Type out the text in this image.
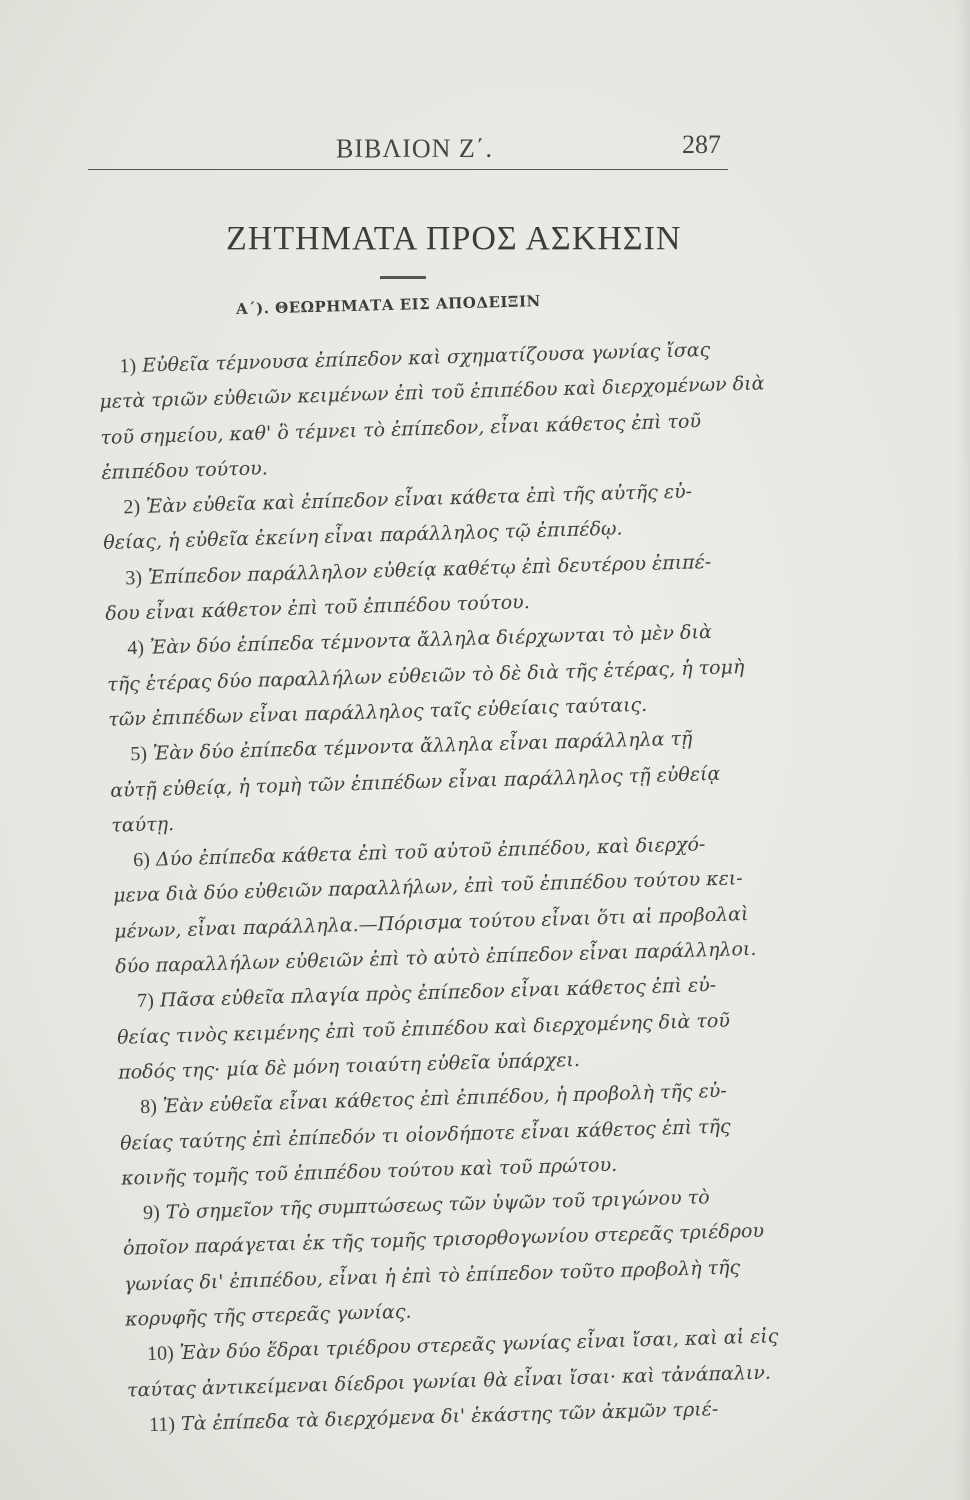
ΒΙΒΛΙΟΝ Ζ΄.	287
ΖΗΤΗΜΑΤΑ ΠΡΟΣ ΑΣΚΗΣΙΝ
Α΄). ΘΕΩΡΗΜΑΤΑ ΕΙΣ ΑΠΟΔΕΙΞΙΝ
1) Εὐθεῖα τέμνουσα ἐπίπεδον καὶ σχηματίζουσα γωνίας ἴσας
μετὰ τριῶν εὐθειῶν κειμένων ἐπὶ τοῦ ἐπιπέδου καὶ διερχομένων διὰ
τοῦ σημείου, καθ' ὃ τέμνει τὸ ἐπίπεδον, εἶναι κάθετος ἐπὶ τοῦ
ἐπιπέδου τούτου.
2) Ἐὰν εὐθεῖα καὶ ἐπίπεδον εἶναι κάθετα ἐπὶ τῆς αὐτῆς εὐ-
θείας, ἡ εὐθεῖα ἐκείνη εἶναι παράλληλος τῷ ἐπιπέδῳ.
3) Ἐπίπεδον παράλληλον εὐθείᾳ καθέτῳ ἐπὶ δευτέρου ἐπιπέ-
δου εἶναι κάθετον ἐπὶ τοῦ ἐπιπέδου τούτου.
4) Ἐὰν δύο ἐπίπεδα τέμνοντα ἄλληλα διέρχωνται τὸ μὲν διὰ
τῆς ἑτέρας δύο παραλλήλων εὐθειῶν τὸ δὲ διὰ τῆς ἑτέρας, ἡ τομὴ
τῶν ἐπιπέδων εἶναι παράλληλος ταῖς εὐθείαις ταύταις.
5) Ἐὰν δύο ἐπίπεδα τέμνοντα ἄλληλα εἶναι παράλληλα τῇ
αὐτῇ εὐθείᾳ, ἡ τομὴ τῶν ἐπιπέδων εἶναι παράλληλος τῇ εὐθείᾳ
ταύτῃ.
6) Δύο ἐπίπεδα κάθετα ἐπὶ τοῦ αὐτοῦ ἐπιπέδου, καὶ διερχό-
μενα διὰ δύο εὐθειῶν παραλλήλων, ἐπὶ τοῦ ἐπιπέδου τούτου κει-
μένων, εἶναι παράλληλα.—Πόρισμα τούτου εἶναι ὅτι αἱ προβολαὶ
δύο παραλλήλων εὐθειῶν ἐπὶ τὸ αὐτὸ ἐπίπεδον εἶναι παράλληλοι.
7) Πᾶσα εὐθεῖα πλαγία πρὸς ἐπίπεδον εἶναι κάθετος ἐπὶ εὐ-
θείας τινὸς κειμένης ἐπὶ τοῦ ἐπιπέδου καὶ διερχομένης διὰ τοῦ
ποδός της· μία δὲ μόνη τοιαύτη εὐθεῖα ὑπάρχει.
8) Ἐὰν εὐθεῖα εἶναι κάθετος ἐπὶ ἐπιπέδου, ἡ προβολὴ τῆς εὐ-
θείας ταύτης ἐπὶ ἐπίπεδόν τι οἱονδήποτε εἶναι κάθετος ἐπὶ τῆς
κοινῆς τομῆς τοῦ ἐπιπέδου τούτου καὶ τοῦ πρώτου.
9) Τὸ σημεῖον τῆς συμπτώσεως τῶν ὑψῶν τοῦ τριγώνου τὸ
ὁποῖον παράγεται ἐκ τῆς τομῆς τρισορθογωνίου στερεᾶς τριέδρου
γωνίας δι' ἐπιπέδου, εἶναι ἡ ἐπὶ τὸ ἐπίπεδον τοῦτο προβολὴ τῆς
κορυφῆς τῆς στερεᾶς γωνίας.
10) Ἐὰν δύο ἕδραι τριέδρου στερεᾶς γωνίας εἶναι ἴσαι, καὶ αἱ εἰς
ταύτας ἀντικείμεναι δίεδροι γωνίαι θὰ εἶναι ἴσαι· καὶ τἀνάπαλιν.
11) Τὰ ἐπίπεδα τὰ διερχόμενα δι' ἑκάστης τῶν ἀκμῶν τριέ-
